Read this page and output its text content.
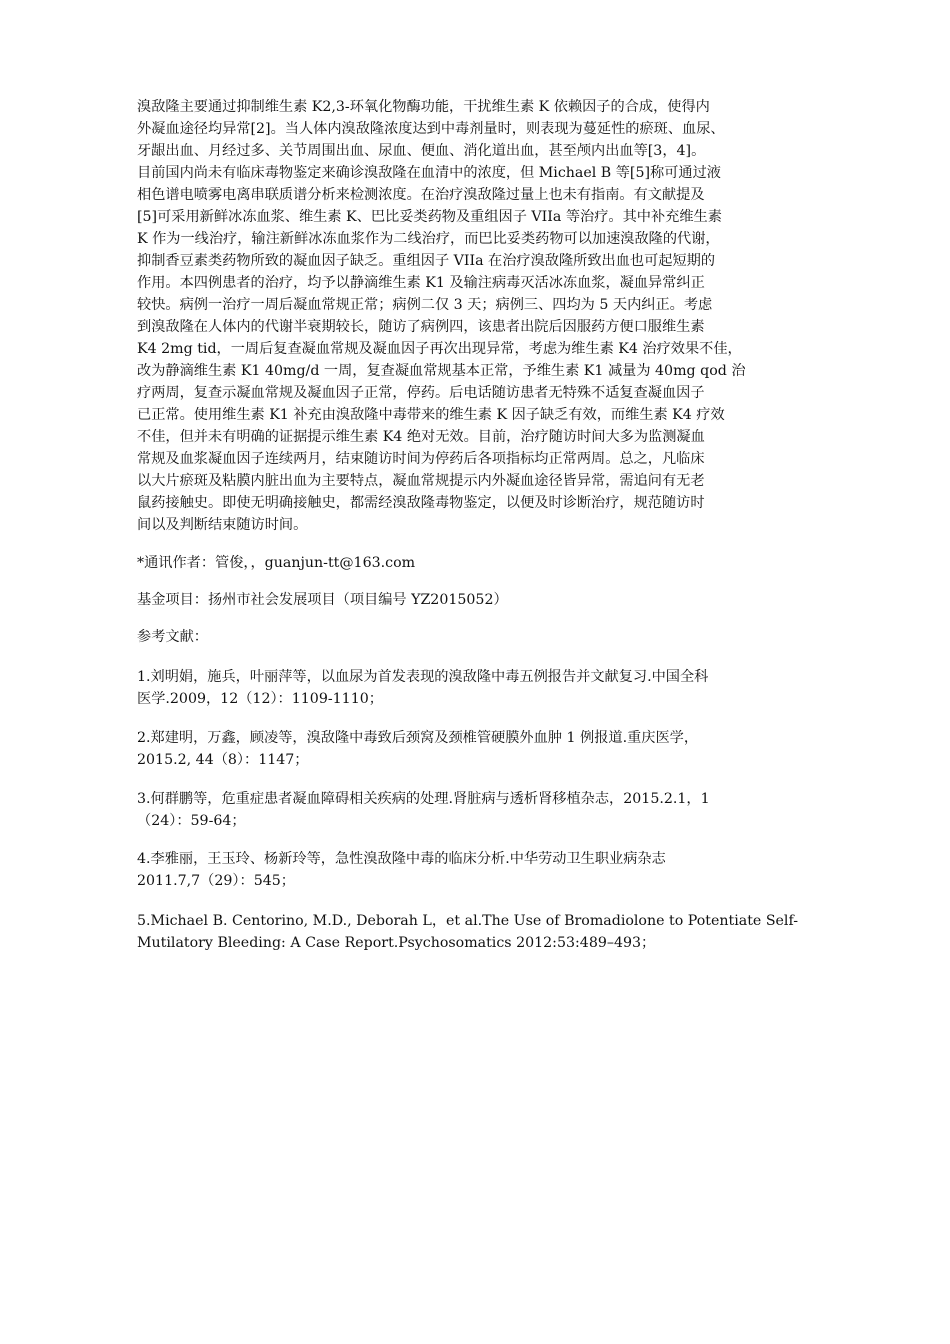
溴敌隆主要通过抑制维生素 K2,3-环氧化物酶功能，干扰维生素 K 依赖因子的合成，使得内
外凝血途径均异常[2]。当人体内溴敌隆浓度达到中毒剂量时，则表现为蔓延性的瘀斑、血尿、
牙龈出血、月经过多、关节周围出血、尿血、便血、消化道出血，甚至颅内出血等[3，4]。
目前国内尚未有临床毒物鉴定来确诊溴敌隆在血清中的浓度，但 Michael B 等[5]称可通过液
相色谱电喷雾电离串联质谱分析来检测浓度。在治疗溴敌隆过量上也未有指南。有文献提及
[5]可采用新鲜冰冻血浆、维生素 K、巴比妥类药物及重组因子 VIIa 等治疗。其中补充维生素
K 作为一线治疗，输注新鲜冰冻血浆作为二线治疗，而巴比妥类药物可以加速溴敌隆的代谢，
抑制香豆素类药物所致的凝血因子缺乏。重组因子 VIIa 在治疗溴敌隆所致出血也可起短期的
作用。本四例患者的治疗，均予以静滴维生素 K1 及输注病毒灭活冰冻血浆，凝血异常纠正
较快。病例一治疗一周后凝血常规正常；病例二仅 3 天；病例三、四均为 5 天内纠正。考虑
到溴敌隆在人体内的代谢半衰期较长，随访了病例四，该患者出院后因服药方便口服维生素
K4 2mg tid，一周后复查凝血常规及凝血因子再次出现异常，考虑为维生素 K4 治疗效果不佳，
改为静滴维生素 K1 40mg/d 一周，复查凝血常规基本正常，予维生素 K1 减量为 40mg qod 治
疗两周，复查示凝血常规及凝血因子正常，停药。后电话随访患者无特殊不适复查凝血因子
已正常。使用维生素 K1 补充由溴敌隆中毒带来的维生素 K 因子缺乏有效，而维生素 K4 疗效
不佳，但并未有明确的证据提示维生素 K4 绝对无效。目前，治疗随访时间大多为监测凝血
常规及血浆凝血因子连续两月，结束随访时间为停药后各项指标均正常两周。总之，凡临床
以大片瘀斑及粘膜内脏出血为主要特点，凝血常规提示内外凝血途径皆异常，需追问有无老
鼠药接触史。即使无明确接触史，都需经溴敌隆毒物鉴定，以便及时诊断治疗，规范随访时
间以及判断结束随访时间。
*通讯作者：管俊，，guanjun-tt@163.com
基金项目：扬州市社会发展项目（项目编号 YZ2015052）
参考文献：
1.刘明娟，施兵，叶丽萍等，以血尿为首发表现的溴敌隆中毒五例报告并文献复习.中国全科
医学.2009，12（12）：1109-1110；
2.郑建明，万鑫，顾凌等，溴敌隆中毒致后颈窝及颈椎管硬膜外血肿 1 例报道.重庆医学，
2015.2, 44（8）：1147；
3.何群鹏等，危重症患者凝血障碍相关疾病的处理.肾脏病与透析肾移植杂志，2015.2.1，1
（24）：59-64；
4.李雅丽，王玉玲、杨新玲等，急性溴敌隆中毒的临床分析.中华劳动卫生职业病杂志
2011.7,7（29）：545；
5.Michael B. Centorino, M.D., Deborah L，et al.The Use of Bromadiolone to Potentiate Self-
Mutilatory Bleeding: A Case Report.Psychosomatics 2012:53:489–493；
